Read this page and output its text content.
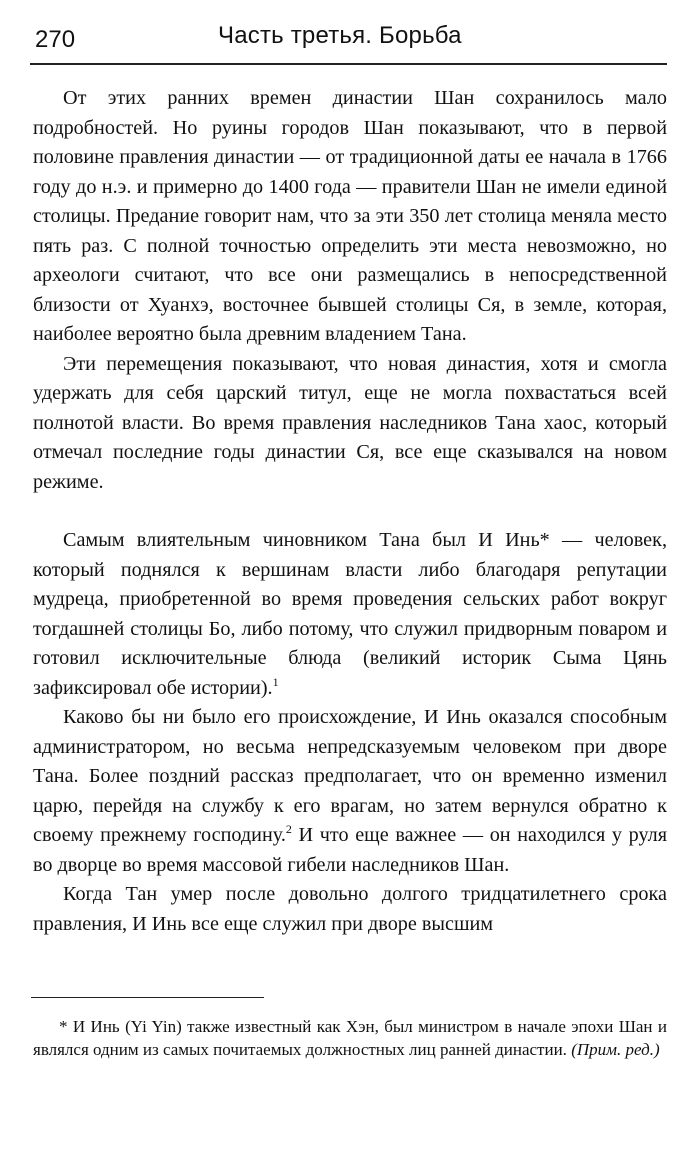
270	Часть третья. Борьба

От этих ранних времен династии Шан сохранилось мало подробностей. Но руины городов Шан показывают, что в первой половине правления династии — от традиционной даты ее начала в 1766 году до н.э. и примерно до 1400 года — правители Шан не имели единой столицы. Предание говорит нам, что за эти 350 лет столица меняла место пять раз. С полной точностью определить эти места невозможно, но археологи считают, что все они размещались в непосредственной близости от Хуанхэ, восточнее бывшей столицы Ся, в земле, которая, наиболее вероятно была древним владением Тана.

Эти перемещения показывают, что новая династия, хотя и смогла удержать для себя царский титул, еще не могла похвастаться всей полнотой власти. Во время правления наследников Тана хаос, который отмечал последние годы династии Ся, все еще сказывался на новом режиме.

Самым влиятельным чиновником Тана был И Инь* — человек, который поднялся к вершинам власти либо благодаря репутации мудреца, приобретенной во время проведения сельских работ вокруг тогдашней столицы Бо, либо потому, что служил придворным поваром и готовил исключительные блюда (великий историк Сыма Цянь зафиксировал обе истории).$^1$

Каково бы ни было его происхождение, И Инь оказался способным администратором, но весьма непредсказуемым человеком при дворе Тана. Более поздний рассказ предполагает, что он временно изменил царю, перейдя на службу к его врагам, но затем вернулся обратно к своему прежнему господину.$^2$ И что еще важнее — он находился у руля во дворце во время массовой гибели наследников Шан.

Когда Тан умер после довольно долгого тридцатилетнего срока правления, И Инь все еще служил при дворе высшим

* И Инь (Yi Yin) также известный как Хэн, был министром в начале эпохи Шан и являлся одним из самых почитаемых должностных лиц ранней династии. (Прим. ред.)
